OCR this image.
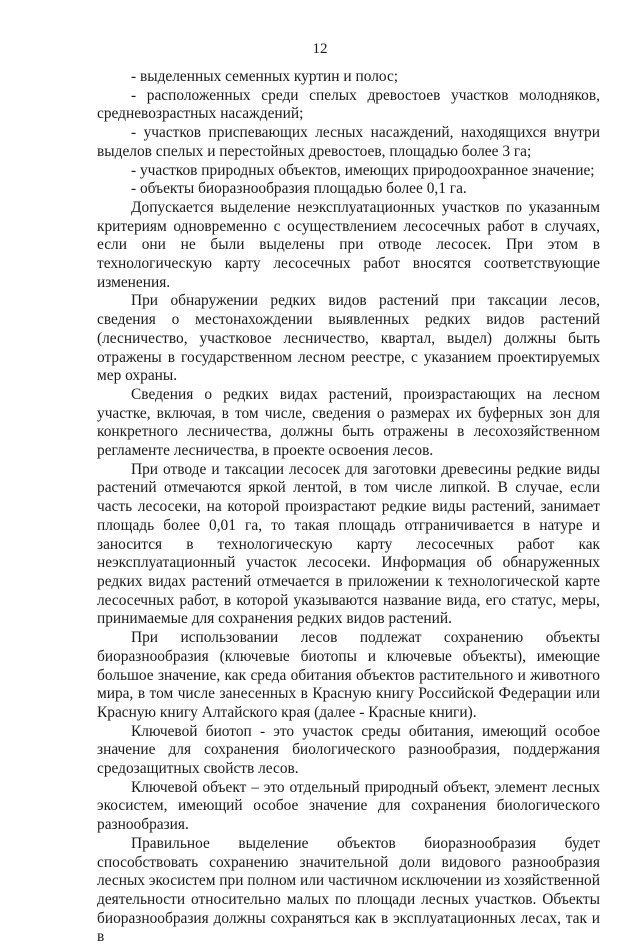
12

- выделенных семенных куртин и полос;

- расположенных среди спелых древостоев участков молодняков, средневозрастных насаждений;

- участков приспевающих лесных насаждений, находящихся внутри выделов спелых и перестойных древостоев, площадью более 3 га;

- участков природных объектов, имеющих природоохранное значение;

- объекты биоразнообразия площадью более 0,1 га.

Допускается выделение неэксплуатационных участков по указанным критериям одновременно с осуществлением лесосечных работ в случаях, если они не были выделены при отводе лесосек. При этом в технологическую карту лесосечных работ вносятся соответствующие изменения.

При обнаружении редких видов растений при таксации лесов, сведения о местонахождении выявленных редких видов растений (лесничество, участковое лесничество, квартал, выдел) должны быть отражены в государственном лесном реестре, с указанием проектируемых мер охраны.

Сведения о редких видах растений, произрастающих на лесном участке, включая, в том числе, сведения о размерах их буферных зон для конкретного лесничества, должны быть отражены в лесохозяйственном регламенте лесничества, в проекте освоения лесов.

При отводе и таксации лесосек для заготовки древесины редкие виды растений отмечаются яркой лентой, в том числе липкой. В случае, если часть лесосеки, на которой произрастают редкие виды растений, занимает площадь более 0,01 га, то такая площадь отграничивается в натуре и заносится в технологическую карту лесосечных работ как неэксплуатационный участок лесосеки. Информация об обнаруженных редких видах растений отмечается в приложении к технологической карте лесосечных работ, в которой указываются название вида, его статус, меры, принимаемые для сохранения редких видов растений.

При использовании лесов подлежат сохранению объекты биоразнообразия (ключевые биотопы и ключевые объекты), имеющие большое значение, как среда обитания объектов растительного и животного мира, в том числе занесенных в Красную книгу Российской Федерации или Красную книгу Алтайского края (далее - Красные книги).

Ключевой биотоп - это участок среды обитания, имеющий особое значение для сохранения биологического разнообразия, поддержания средозащитных свойств лесов.

Ключевой объект – это отдельный природный объект, элемент лесных экосистем, имеющий особое значение для сохранения биологического разнообразия.

Правильное выделение объектов биоразнообразия будет способствовать сохранению значительной доли видового разнообразия лесных экосистем при полном или частичном исключении из хозяйственной деятельности относительно малых по площади лесных участков. Объекты биоразнообразия должны сохраняться как в эксплуатационных лесах, так и в
